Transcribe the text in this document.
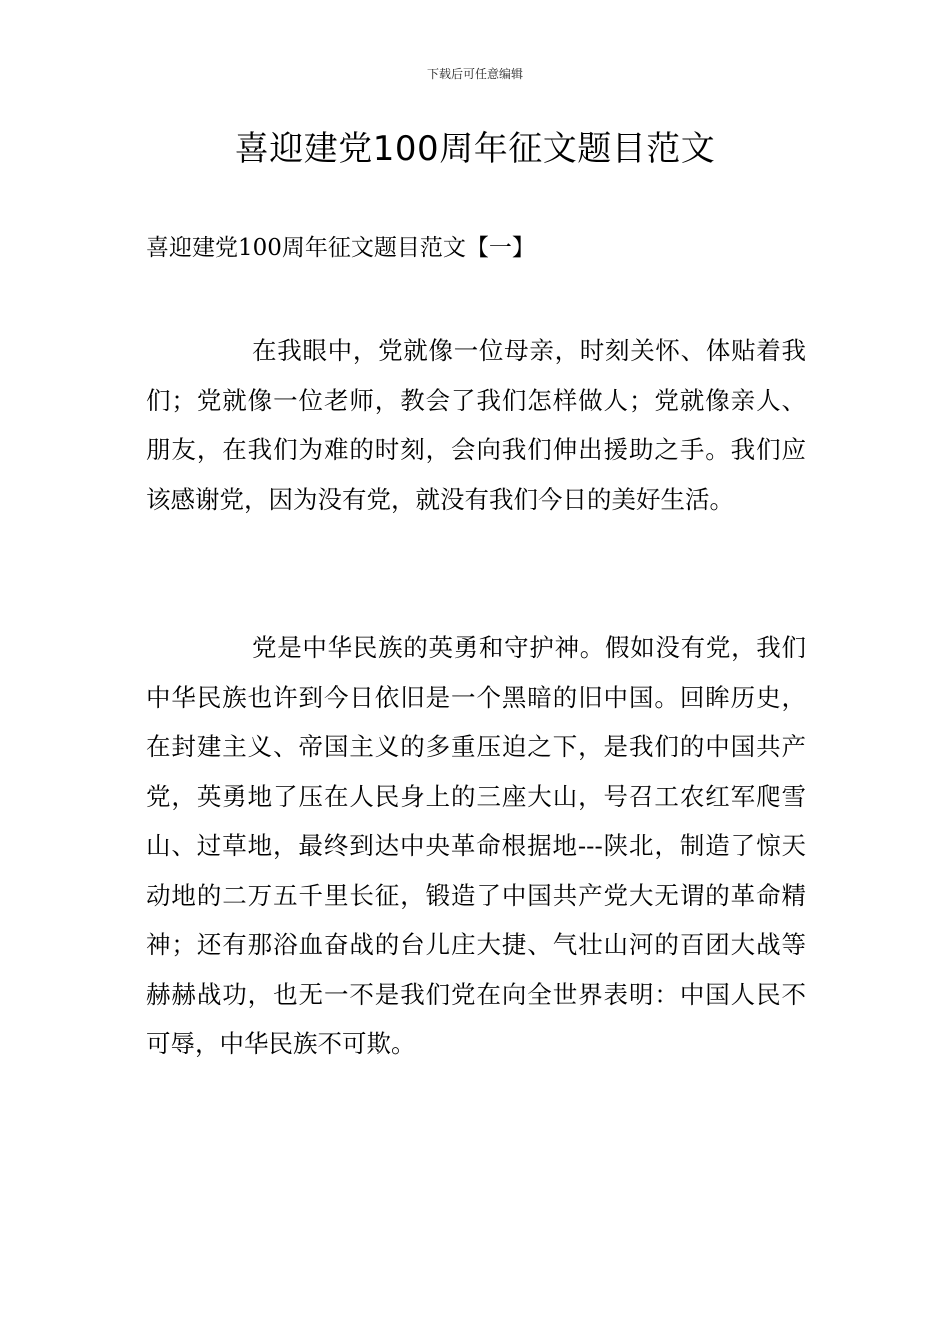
下载后可任意编辑
喜迎建党100周年征文题目范文
喜迎建党100周年征文题目范文【一】

在我眼中，党就像一位母亲，时刻关怀、体贴着我们；党就像一位老师，教会了我们怎样做人；党就像亲人、朋友，在我们为难的时刻，会向我们伸出援助之手。我们应该感谢党，因为没有党，就没有我们今日的美好生活。

党是中华民族的英勇和守护神。假如没有党，我们中华民族也许到今日依旧是一个黑暗的旧中国。回眸历史，在封建主义、帝国主义的多重压迫之下，是我们的中国共产党，英勇地了压在人民身上的三座大山，号召工农红军爬雪山、过草地，最终到达中央革命根据地---陕北，制造了惊天动地的二万五千里长征，锻造了中国共产党大无谓的革命精神；还有那浴血奋战的台儿庄大捷、气壮山河的百团大战等赫赫战功，也无一不是我们党在向全世界表明：中国人民不可辱，中华民族不可欺。
